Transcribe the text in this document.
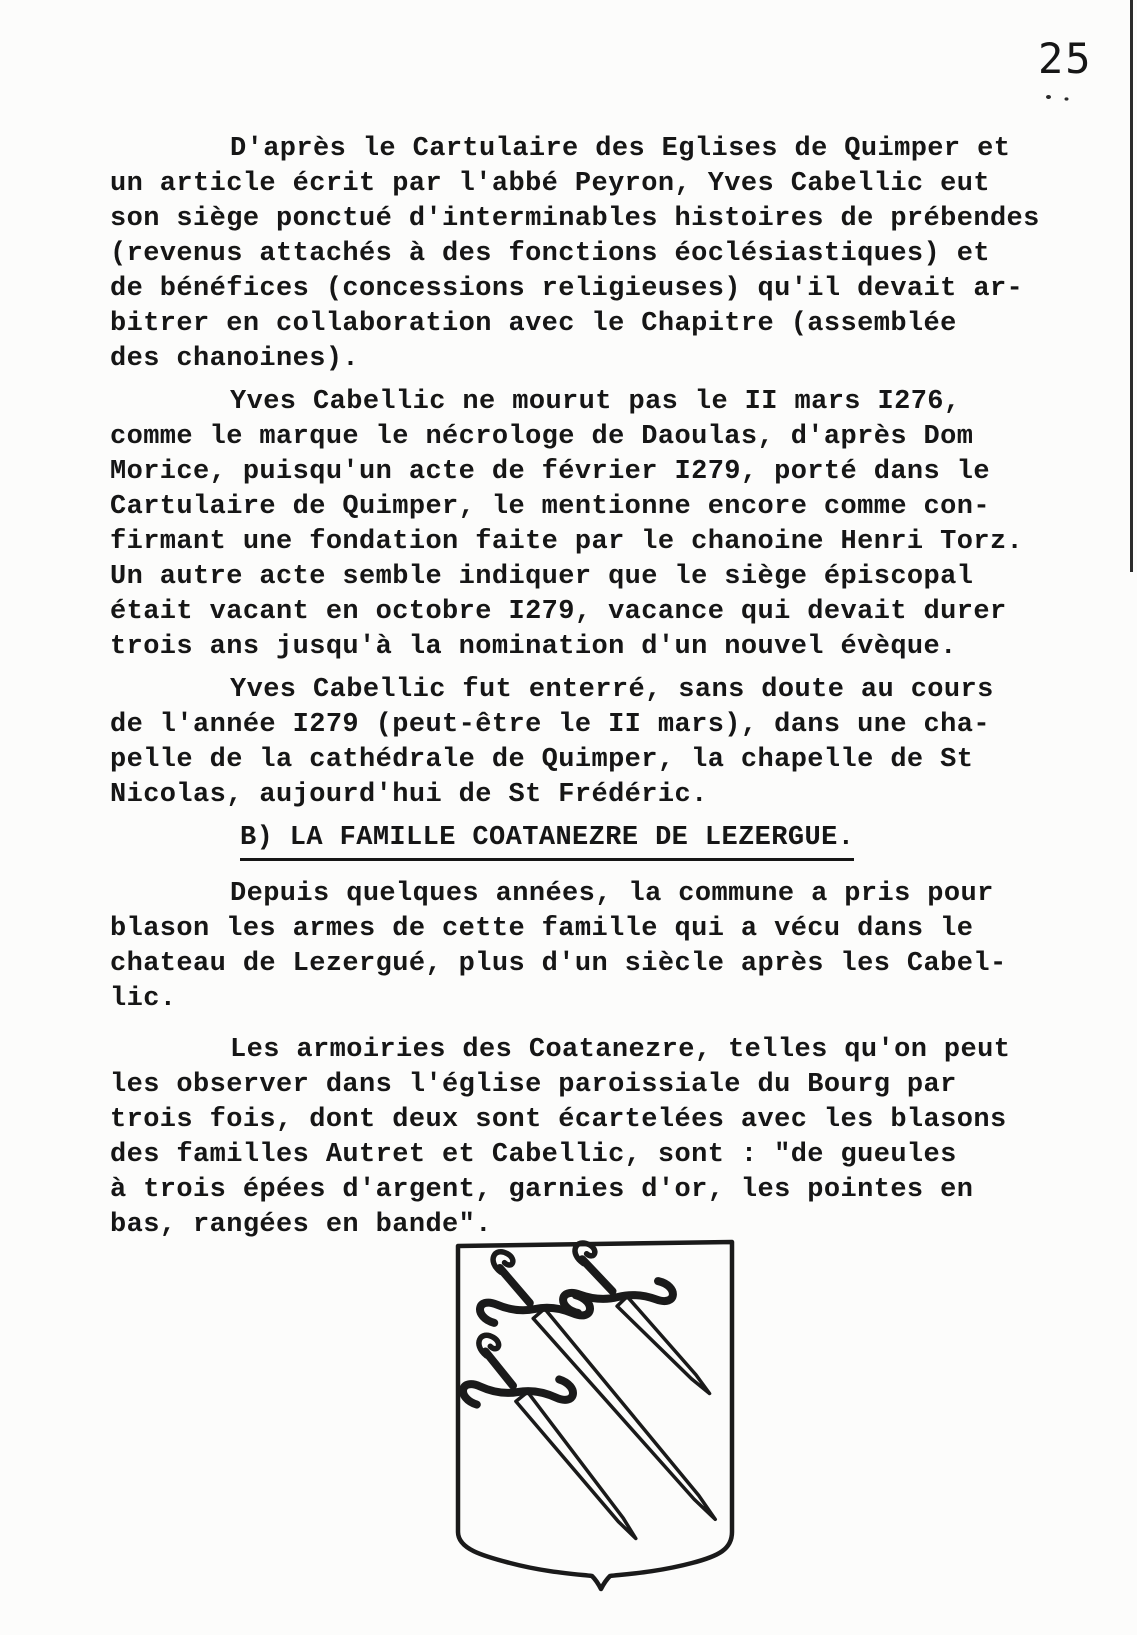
25
D'après le Cartulaire des Eglises de Quimper et
un article écrit par l'abbé Peyron, Yves Cabellic eut
son siège ponctué d'interminables histoires de prébendes
(revenus attachés à des fonctions éoclésiastiques) et
de bénéfices (concessions religieuses) qu'il devait ar-
bitrer en collaboration avec le Chapitre (assemblée
des chanoines).
Yves Cabellic ne mourut pas le II mars I276,
comme le marque le nécrologe de Daoulas, d'après Dom
Morice, puisqu'un acte de février I279, porté dans le
Cartulaire de Quimper, le mentionne encore comme con-
firmant une fondation faite par le chanoine Henri Torz.
Un autre acte semble indiquer que le siège épiscopal
était vacant en octobre I279, vacance qui devait durer
trois ans jusqu'à la nomination d'un nouvel évèque.
Yves Cabellic fut enterré, sans doute au cours
de l'année I279 (peut-être le II mars), dans une cha-
pelle de la cathédrale de Quimper, la chapelle de St
Nicolas, aujourd'hui de St Frédéric.
B) LA FAMILLE COATANEZRE DE LEZERGUE.
Depuis quelques années, la commune a pris pour
blason les armes de cette famille qui a vécu dans le
chateau de Lezergué, plus d'un siècle après les Cabel-
lic.
Les armoiries des Coatanezre, telles qu'on peut
les observer dans l'église paroissiale du Bourg par
trois fois, dont deux sont écartelées avec les blasons
des familles Autret et Cabellic, sont : "de gueules
à trois épées d'argent, garnies d'or, les pointes en
bas, rangées en bande".
